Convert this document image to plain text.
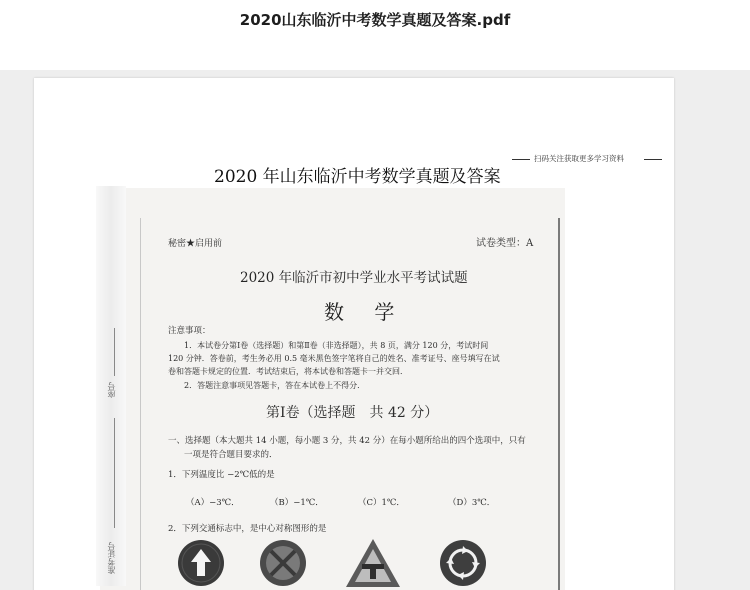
2020山东临沂中考数学真题及答案.pdf
扫码关注获取更多学习资料
2020 年山东临沂中考数学真题及答案
秘密★启用前	试卷类型：A
2020 年临沂市初中学业水平考试试题
数 学
注意事项：
1．本试卷分第Ⅰ卷（选择题）和第Ⅱ卷（非选择题），共 8 页，满分 120 分，考试时间
120 分钟．答卷前，考生务必用 0.5 毫米黑色签字笔将自己的姓名、准考证号、座号填写在试
卷和答题卡规定的位置．考试结束后，将本试卷和答题卡一并交回．
2．答题注意事项见答题卡，答在本试卷上不得分．
第Ⅰ卷（选择题　共 42 分）
一、选择题（本大题共 14 小题，每小题 3 分，共 42 分）在每小题所给出的四个选项中，只有
一项是符合题目要求的．
1．下列温度比 −2℃低的是
（A）−3℃．	（B）−1℃．	（C）1℃．	（D）3℃．
2．下列交通标志中，是中心对称图形的是
座号
准考证号
